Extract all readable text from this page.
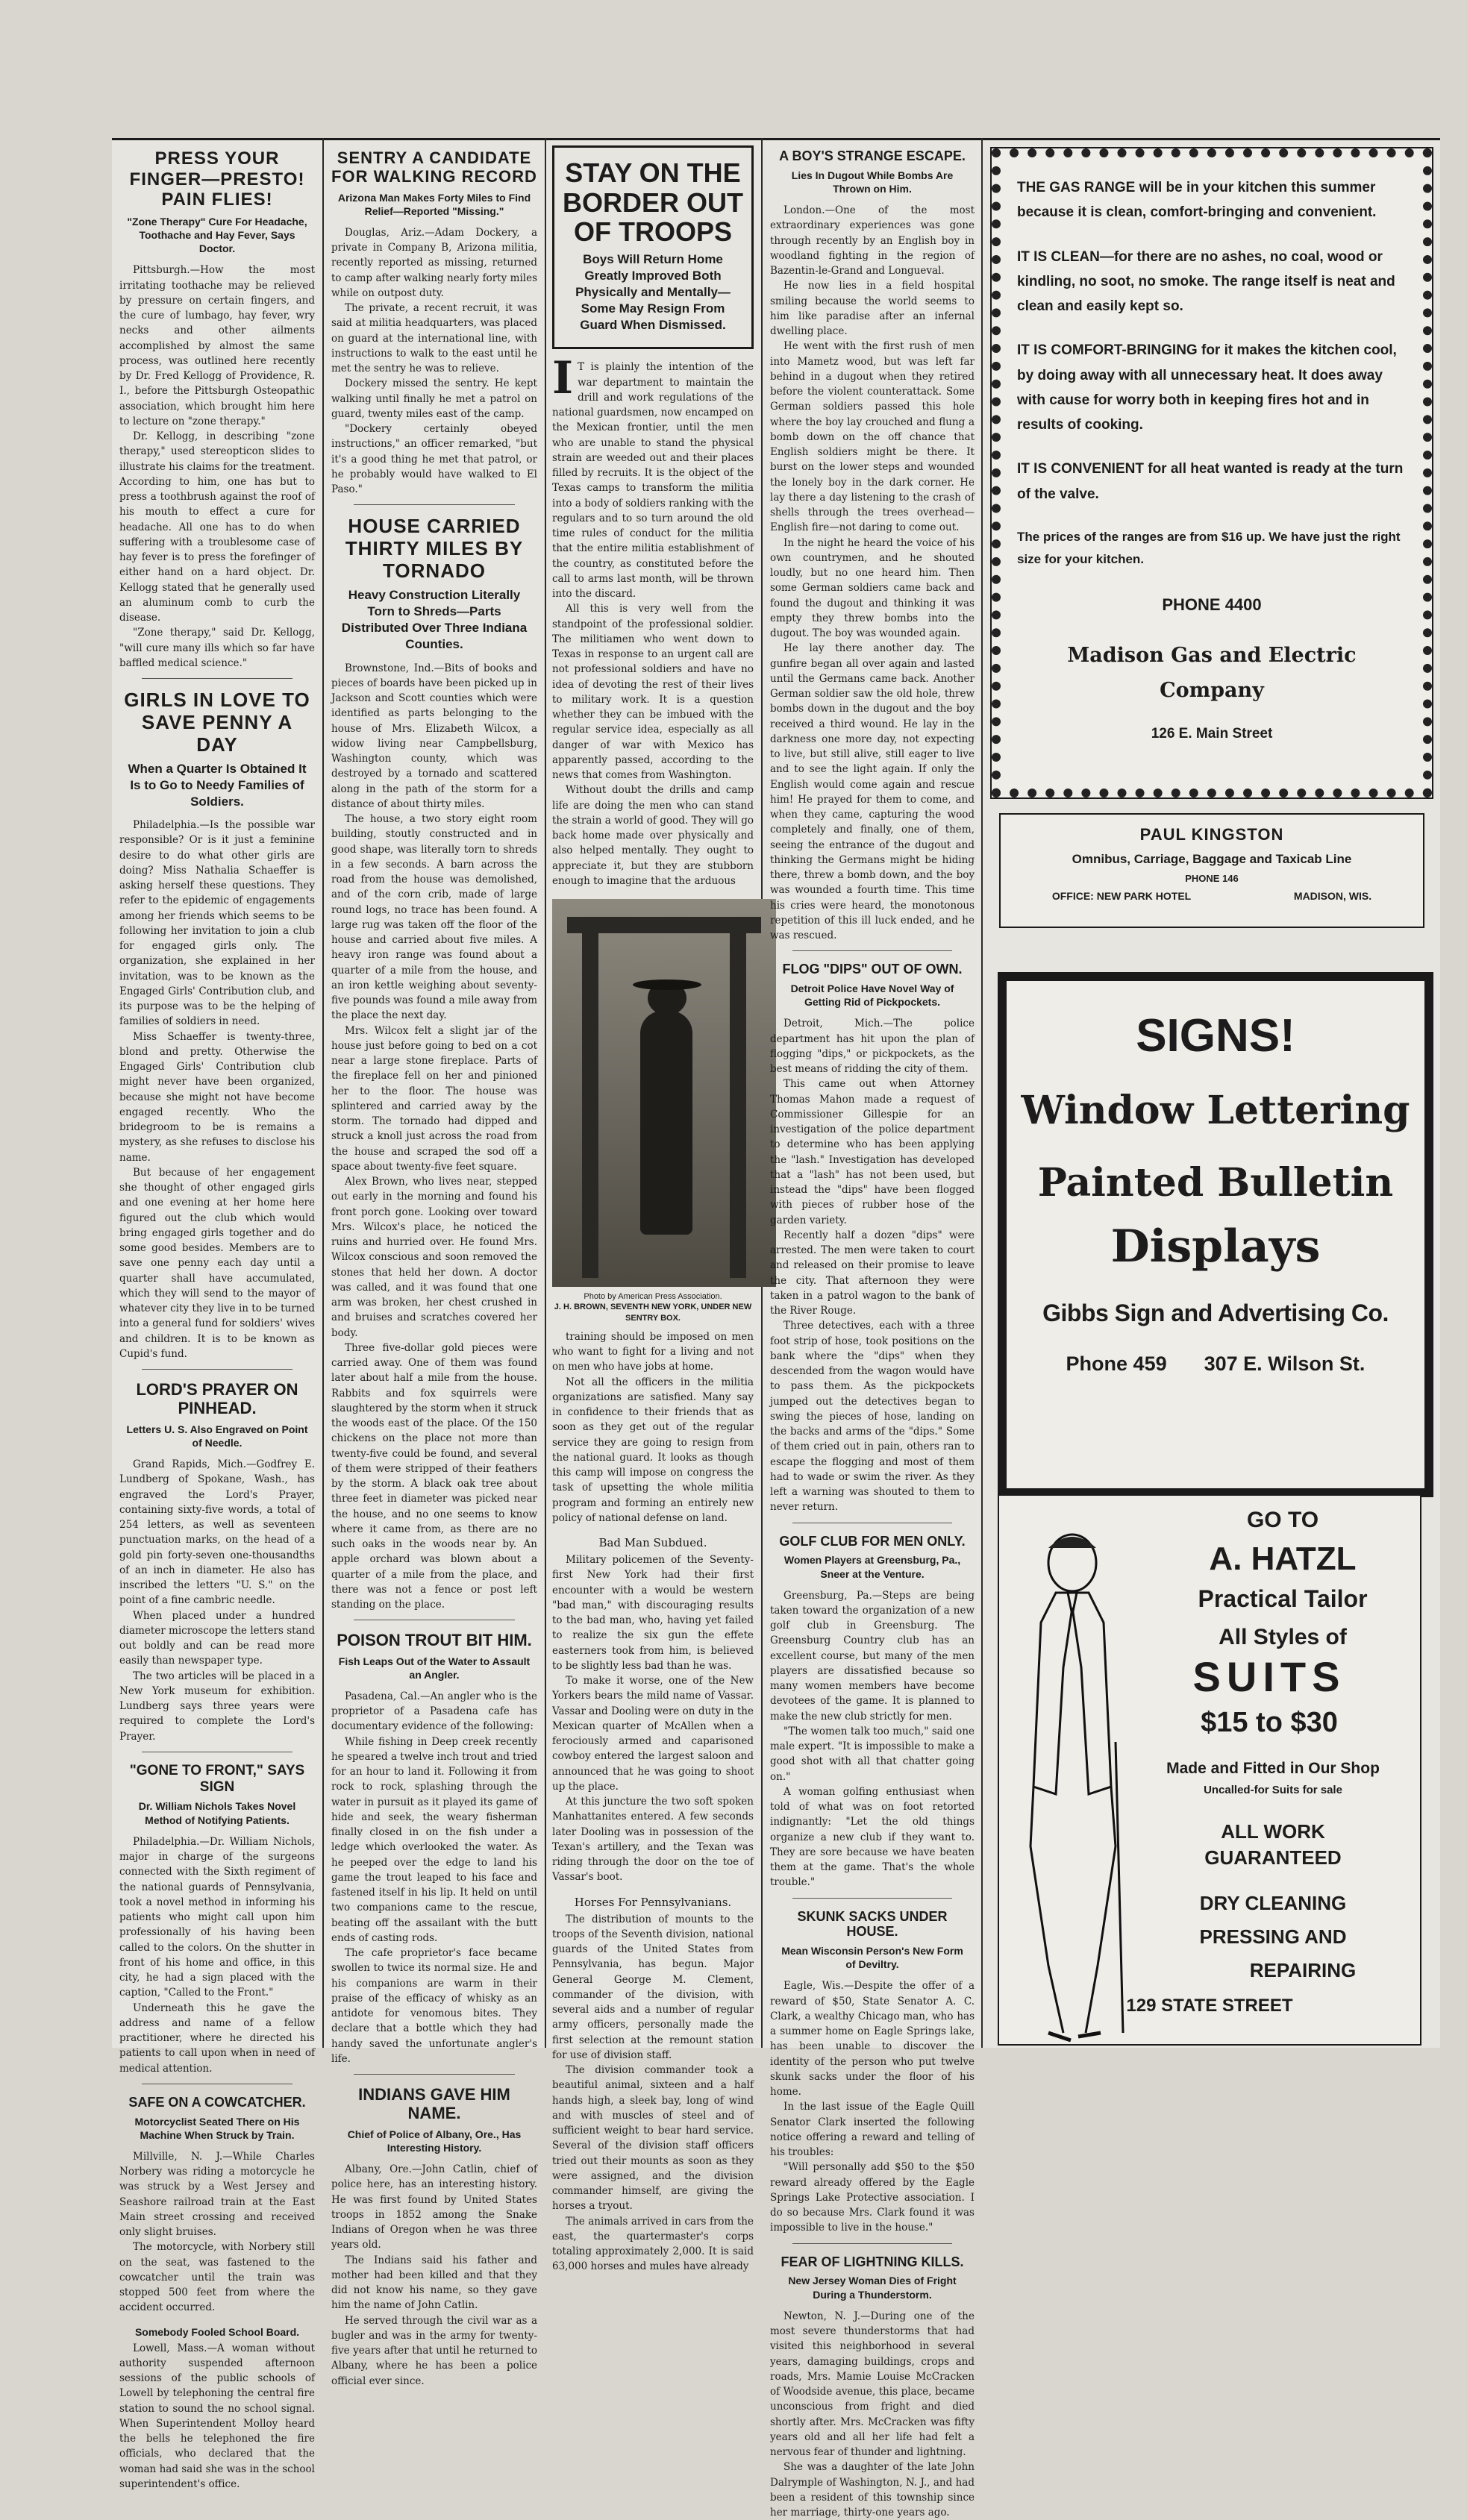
PRESS YOUR FINGER—PRESTO! PAIN FLIES!
"Zone Therapy" Cure For Headache, Toothache and Hay Fever, Says Doctor.

Pittsburgh.—How the most irritating toothache may be relieved by pressure on certain fingers, and the cure of lumbago, hay fever, wry necks and other ailments accomplished by almost the same process, was outlined here recently by Dr. Fred Kellogg of Providence, R. I., before the Pittsburgh Osteopathic association, which brought him here to lecture on "zone therapy."

Dr. Kellogg, in describing "zone therapy," used stereopticon slides to illustrate his claims for the treatment. According to him, one has but to press a toothbrush against the roof of his mouth to effect a cure for headache. All one has to do when suffering with a troublesome case of hay fever is to press the forefinger of either hand on a hard object. Dr. Kellogg stated that he generally used an aluminum comb to curb the disease.

"Zone therapy," said Dr. Kellogg, "will cure many ills which so far have baffled medical science."

GIRLS IN LOVE TO SAVE PENNY A DAY
When a Quarter Is Obtained It Is to Go to Needy Families of Soldiers.

Philadelphia.—Is the possible war responsible? Or is it just a feminine desire to do what other girls are doing? Miss Nathalia Schaeffer is asking herself these questions. They refer to the epidemic of engagements among her friends which seems to be following her invitation to join a club for engaged girls only. The organization, she explained in her invitation, was to be known as the Engaged Girls' Contribution club, and its purpose was to be the helping of families of soldiers in need.

Miss Schaeffer is twenty-three, blond and pretty. Otherwise the Engaged Girls' Contribution club might never have been organized, because she might not have become engaged recently. Who the bridegroom to be is remains a mystery, as she refuses to disclose his name.

But because of her engagement she thought of other engaged girls and one evening at her home here figured out the club which would bring engaged girls together and do some good besides. Members are to save one penny each day until a quarter shall have accumulated, which they will send to the mayor of whatever city they live in to be turned into a general fund for soldiers' wives and children. It is to be known as Cupid's fund.

LORD'S PRAYER ON PINHEAD.
Letters U. S. Also Engraved on Point of Needle.

Grand Rapids, Mich.—Godfrey E. Lundberg of Spokane, Wash., has engraved the Lord's Prayer, containing sixty-five words, a total of 254 letters, as well as seventeen punctuation marks, on the head of a gold pin forty-seven one-thousandths of an inch in diameter. He also has inscribed the letters "U. S." on the point of a fine cambric needle.

When placed under a hundred diameter microscope the letters stand out boldly and can be read more easily than newspaper type.

The two articles will be placed in a New York museum for exhibition. Lundberg says three years were required to complete the Lord's Prayer.

"GONE TO FRONT," SAYS SIGN
Dr. William Nichols Takes Novel Method of Notifying Patients.

Philadelphia.—Dr. William Nichols, major in charge of the surgeons connected with the Sixth regiment of the national guards of Pennsylvania, took a novel method in informing his patients who might call upon him professionally of his having been called to the colors. On the shutter in front of his home and office, in this city, he had a sign placed with the caption, "Called to the Front."

Underneath this he gave the address and name of a fellow practitioner, where he directed his patients to call upon when in need of medical attention.

SAFE ON A COWCATCHER.
Motorcyclist Seated There on His Machine When Struck by Train.

Millville, N. J.—While Charles Norbery was riding a motorcycle he was struck by a West Jersey and Seashore railroad train at the East Main street crossing and received only slight bruises.

The motorcycle, with Norbery still on the seat, was fastened to the cowcatcher until the train was stopped 500 feet from where the accident occurred.

Somebody Fooled School Board.

Lowell, Mass.—A woman without authority suspended afternoon sessions of the public schools of Lowell by telephoning the central fire station to sound the no school signal. When Superintendent Molloy heard the bells he telephoned the fire officials, who declared that the woman had said she was in the school superintendent's office.

SENTRY A CANDIDATE FOR WALKING RECORD
Arizona Man Makes Forty Miles to Find Relief—Reported "Missing."

Douglas, Ariz.—Adam Dockery, a private in Company B, Arizona militia, recently reported as missing, returned to camp after walking nearly forty miles while on outpost duty.

The private, a recent recruit, it was said at militia headquarters, was placed on guard at the international line, with instructions to walk to the east until he met the sentry he was to relieve.

Dockery missed the sentry. He kept walking until finally he met a patrol on guard, twenty miles east of the camp.

"Dockery certainly obeyed instructions," an officer remarked, "but it's a good thing he met that patrol, or he probably would have walked to El Paso."

HOUSE CARRIED THIRTY MILES BY TORNADO
Heavy Construction Literally Torn to Shreds—Parts Distributed Over Three Indiana Counties.

Brownstone, Ind.—Bits of books and pieces of boards have been picked up in Jackson and Scott counties which were identified as parts belonging to the house of Mrs. Elizabeth Wilcox, a widow living near Campbellsburg, Washington county, which was destroyed by a tornado and scattered along in the path of the storm for a distance of about thirty miles.

The house, a two story eight room building, stoutly constructed and in good shape, was literally torn to shreds in a few seconds. A barn across the road from the house was demolished, and of the corn crib, made of large round logs, no trace has been found. A large rug was taken off the floor of the house and carried about five miles. A heavy iron range was found about a quarter of a mile from the house, and an iron kettle weighing about seventy-five pounds was found a mile away from the place the next day.

Mrs. Wilcox felt a slight jar of the house just before going to bed on a cot near a large stone fireplace. Parts of the fireplace fell on her and pinioned her to the floor. The house was splintered and carried away by the storm. The tornado had dipped and struck a knoll just across the road from the house and scraped the sod off a space about twenty-five feet square.

Alex Brown, who lives near, stepped out early in the morning and found his front porch gone. Looking over toward Mrs. Wilcox's place, he noticed the ruins and hurried over. He found Mrs. Wilcox conscious and soon removed the stones that held her down. A doctor was called, and it was found that one arm was broken, her chest crushed in and bruises and scratches covered her body.

Three five-dollar gold pieces were carried away. One of them was found later about half a mile from the house. Rabbits and fox squirrels were slaughtered by the storm when it struck the woods east of the place. Of the 150 chickens on the place not more than twenty-five could be found, and several of them were stripped of their feathers by the storm. A black oak tree about three feet in diameter was picked near the house, and no one seems to know where it came from, as there are no such oaks in the woods near by. An apple orchard was blown about a quarter of a mile from the place, and there was not a fence or post left standing on the place.

POISON TROUT BIT HIM.
Fish Leaps Out of the Water to Assault an Angler.

Pasadena, Cal.—An angler who is the proprietor of a Pasadena cafe has documentary evidence of the following:

While fishing in Deep creek recently he speared a twelve inch trout and tried for an hour to land it. Following it from rock to rock, splashing through the water in pursuit as it played its game of hide and seek, the weary fisherman finally closed in on the fish under a ledge which overlooked the water. As he peeped over the edge to land his game the trout leaped to his face and fastened itself in his lip. It held on until two companions came to the rescue, beating off the assailant with the butt ends of casting rods.

The cafe proprietor's face became swollen to twice its normal size. He and his companions are warm in their praise of the efficacy of whisky as an antidote for venomous bites. They declare that a bottle which they had handy saved the unfortunate angler's life.

INDIANS GAVE HIM NAME.
Chief of Police of Albany, Ore., Has Interesting History.

Albany, Ore.—John Catlin, chief of police here, has an interesting history. He was first found by United States troops in 1852 among the Snake Indians of Oregon when he was three years old.

The Indians said his father and mother had been killed and that they did not know his name, so they gave him the name of John Catlin.

He served through the civil war as a bugler and was in the army for twenty-five years after that until he returned to Albany, where he has been a police official ever since.

STAY ON THE BORDER OUT OF TROOPS
Boys Will Return Home Greatly Improved Both Physically and Mentally—Some May Resign From Guard When Dismissed.

I T is plainly the intention of the war department to maintain the drill and work regulations of the national guardsmen, now encamped on the Mexican frontier, until the men who are unable to stand the physical strain are weeded out and their places filled by recruits. It is the object of the Texas camps to transform the militia into a body of soldiers ranking with the regulars and to so turn around the old time rules of conduct for the militia that the entire militia establishment of the country, as constituted before the call to arms last month, will be thrown into the discard.

All this is very well from the standpoint of the professional soldier. The militiamen who went down to Texas in response to an urgent call are not professional soldiers and have no idea of devoting the rest of their lives to military work. It is a question whether they can be imbued with the regular service idea, especially as all danger of war with Mexico has apparently passed, according to the news that comes from Washington.

Without doubt the drills and camp life are doing the men who can stand the strain a world of good. They will go back home made over physically and also helped mentally. They ought to appreciate it, but they are stubborn enough to imagine that the arduous

Photo by American Press Association.
J. H. BROWN, SEVENTH NEW YORK, UNDER NEW SENTRY BOX.

training should be imposed on men who want to fight for a living and not on men who have jobs at home.

Not all the officers in the militia organizations are satisfied. Many say in confidence to their friends that as soon as they get out of the regular service they are going to resign from the national guard. It looks as though this camp will impose on congress the task of upsetting the whole militia program and forming an entirely new policy of national defense on land.

Bad Man Subdued.

Military policemen of the Seventy-first New York had their first encounter with a would be western "bad man," with discouraging results to the bad man, who, having yet failed to realize the six gun the effete easterners took from him, is believed to be slightly less bad than he was.

To make it worse, one of the New Yorkers bears the mild name of Vassar. Vassar and Dooling were on duty in the Mexican quarter of McAllen when a ferociously armed and caparisoned cowboy entered the largest saloon and announced that he was going to shoot up the place.

At this juncture the two soft spoken Manhattanites entered. A few seconds later Dooling was in possession of the Texan's artillery, and the Texan was riding through the door on the toe of Vassar's boot.

Horses For Pennsylvanians.

The distribution of mounts to the troops of the Seventh division, national guards of the United States from Pennsylvania, has begun. Major General George M. Clement, commander of the division, with several aids and a number of regular army officers, personally made the first selection at the remount station for use of division staff.

The division commander took a beautiful animal, sixteen and a half hands high, a sleek bay, long of wind and with muscles of steel and of sufficient weight to bear hard service. Several of the division staff officers tried out their mounts as soon as they were assigned, and the division commander himself, are giving the horses a tryout.

The animals arrived in cars from the east, the quartermaster's corps totaling approximately 2,000. It is said 63,000 horses and mules have already

A BOY'S STRANGE ESCAPE.
Lies In Dugout While Bombs Are Thrown on Him.

London.—One of the most extraordinary experiences was gone through recently by an English boy in woodland fighting in the region of Bazentin-le-Grand and Longueval.

He now lies in a field hospital smiling because the world seems to him like paradise after an infernal dwelling place.

He went with the first rush of men into Mametz wood, but was left far behind in a dugout when they retired before the violent counterattack. Some German soldiers passed this hole where the boy lay crouched and flung a bomb down on the off chance that English soldiers might be there. It burst on the lower steps and wounded the lonely boy in the dark corner. He lay there a day listening to the crash of shells through the trees overhead—English fire—not daring to come out.

In the night he heard the voice of his own countrymen, and he shouted loudly, but no one heard him. Then some German soldiers came back and found the dugout and thinking it was empty they threw bombs into the dugout. The boy was wounded again.

He lay there another day. The gunfire began all over again and lasted until the Germans came back. Another German soldier saw the old hole, threw bombs down in the dugout and the boy received a third wound. He lay in the darkness one more day, not expecting to live, but still alive, still eager to live and to see the light again. If only the English would come again and rescue him! He prayed for them to come, and when they came, capturing the wood completely and finally, one of them, seeing the entrance of the dugout and thinking the Germans might be hiding there, threw a bomb down, and the boy was wounded a fourth time. This time his cries were heard, the monotonous repetition of this ill luck ended, and he was rescued.

FLOG "DIPS" OUT OF OWN.
Detroit Police Have Novel Way of Getting Rid of Pickpockets.

Detroit, Mich.—The police department has hit upon the plan of flogging "dips," or pickpockets, as the best means of ridding the city of them.

This came out when Attorney Thomas Mahon made a request of Commissioner Gillespie for an investigation of the police department to determine who has been applying the "lash." Investigation has developed that a "lash" has not been used, but instead the "dips" have been flogged with pieces of rubber hose of the garden variety.

Recently half a dozen "dips" were arrested. The men were taken to court and released on their promise to leave the city. That afternoon they were taken in a patrol wagon to the bank of the River Rouge.

Three detectives, each with a three foot strip of hose, took positions on the bank where the "dips" when they descended from the wagon would have to pass them. As the pickpockets jumped out the detectives began to swing the pieces of hose, landing on the backs and arms of the "dips." Some of them cried out in pain, others ran to escape the flogging and most of them had to wade or swim the river. As they left a warning was shouted to them to never return.

GOLF CLUB FOR MEN ONLY.
Women Players at Greensburg, Pa., Sneer at the Venture.

Greensburg, Pa.—Steps are being taken toward the organization of a new golf club in Greensburg. The Greensburg Country club has an excellent course, but many of the men players are dissatisfied because so many women members have become devotees of the game. It is planned to make the new club strictly for men.

"The women talk too much," said one male expert. "It is impossible to make a good shot with all that chatter going on."

A woman golfing enthusiast when told of what was on foot retorted indignantly: "Let the old things organize a new club if they want to. They are sore because we have beaten them at the game. That's the whole trouble."

SKUNK SACKS UNDER HOUSE.
Mean Wisconsin Person's New Form of Deviltry.

Eagle, Wis.—Despite the offer of a reward of $50, State Senator A. C. Clark, a wealthy Chicago man, who has a summer home on Eagle Springs lake, has been unable to discover the identity of the person who put twelve skunk sacks under the floor of his home.

In the last issue of the Eagle Quill Senator Clark inserted the following notice offering a reward and telling of his troubles:

"Will personally add $50 to the $50 reward already offered by the Eagle Springs Lake Protective association. I do so because Mrs. Clark found it was impossible to live in the house."

FEAR OF LIGHTNING KILLS.
New Jersey Woman Dies of Fright During a Thunderstorm.

Newton, N. J.—During one of the most severe thunderstorms that had visited this neighborhood in several years, damaging buildings, crops and roads, Mrs. Mamie Louise McCracken of Woodside avenue, this place, became unconscious from fright and died shortly after. Mrs. McCracken was fifty years old and all her life had felt a nervous fear of thunder and lightning.

She was a daughter of the late John Dalrymple of Washington, N. J., and had been a resident of this township since her marriage, thirty-one years ago.

THE GAS RANGE will be in your kitchen this summer because it is clean, comfort-bringing and convenient.

IT IS CLEAN—for there are no ashes, no coal, wood or kindling, no soot, no smoke. The range itself is neat and clean and easily kept so.

IT IS COMFORT-BRINGING for it makes the kitchen cool, by doing away with all unnecessary heat. It does away with cause for worry both in keeping fires hot and in results of cooking.

IT IS CONVENIENT for all heat wanted is ready at the turn of the valve.

The prices of the ranges are from $16 up. We have just the right size for your kitchen.

PHONE 4400
Madison Gas and Electric Company
126 E. Main Street
PAUL KINGSTON
Omnibus, Carriage, Baggage and Taxicab Line
PHONE 146
OFFICE: NEW PARK HOTEL	MADISON, WIS.
SIGNS!
Window Lettering
Painted Bulletin
Displays
Gibbs Sign and Advertising Co.
Phone 459 307 E. Wilson St.
GO TO
A. HATZL
Practical Tailor
All Styles of
SUITS
$15 to $30
Made and Fitted in Our Shop
Uncalled-for Suits for sale
ALL WORK
GUARANTEED
DRY CLEANING
PRESSING AND
REPAIRING
129 STATE STREET
